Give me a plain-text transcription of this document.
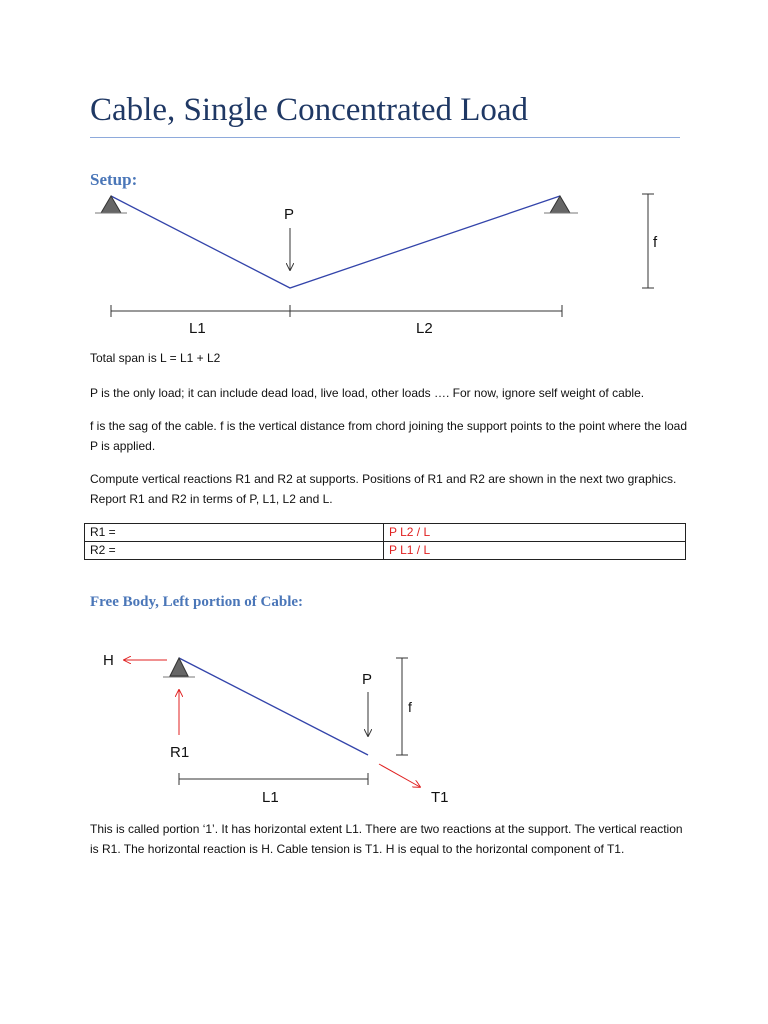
Cable, Single Concentrated Load
Setup:
P
f
L1	L2

Total span is L = L1 + L2

P is the only load; it can include dead load, live load, other loads …. For now, ignore self weight of cable.

f is the sag of the cable. f is the vertical distance from chord joining the support points to the point where the load P is applied.

Compute vertical reactions R1 and R2 at supports. Positions of R1 and R2 are shown in the next two graphics. Report R1 and R2 in terms of P, L1, L2 and L.

R1 =	P L2 / L
R2 =	P L1 / L
Free Body, Left portion of Cable:
H
R1
P
f
L1	T1

This is called portion ‘1’. It has horizontal extent L1. There are two reactions at the support. The vertical reaction is R1. The horizontal reaction is H. Cable tension is T1. H is equal to the horizontal component of T1.
